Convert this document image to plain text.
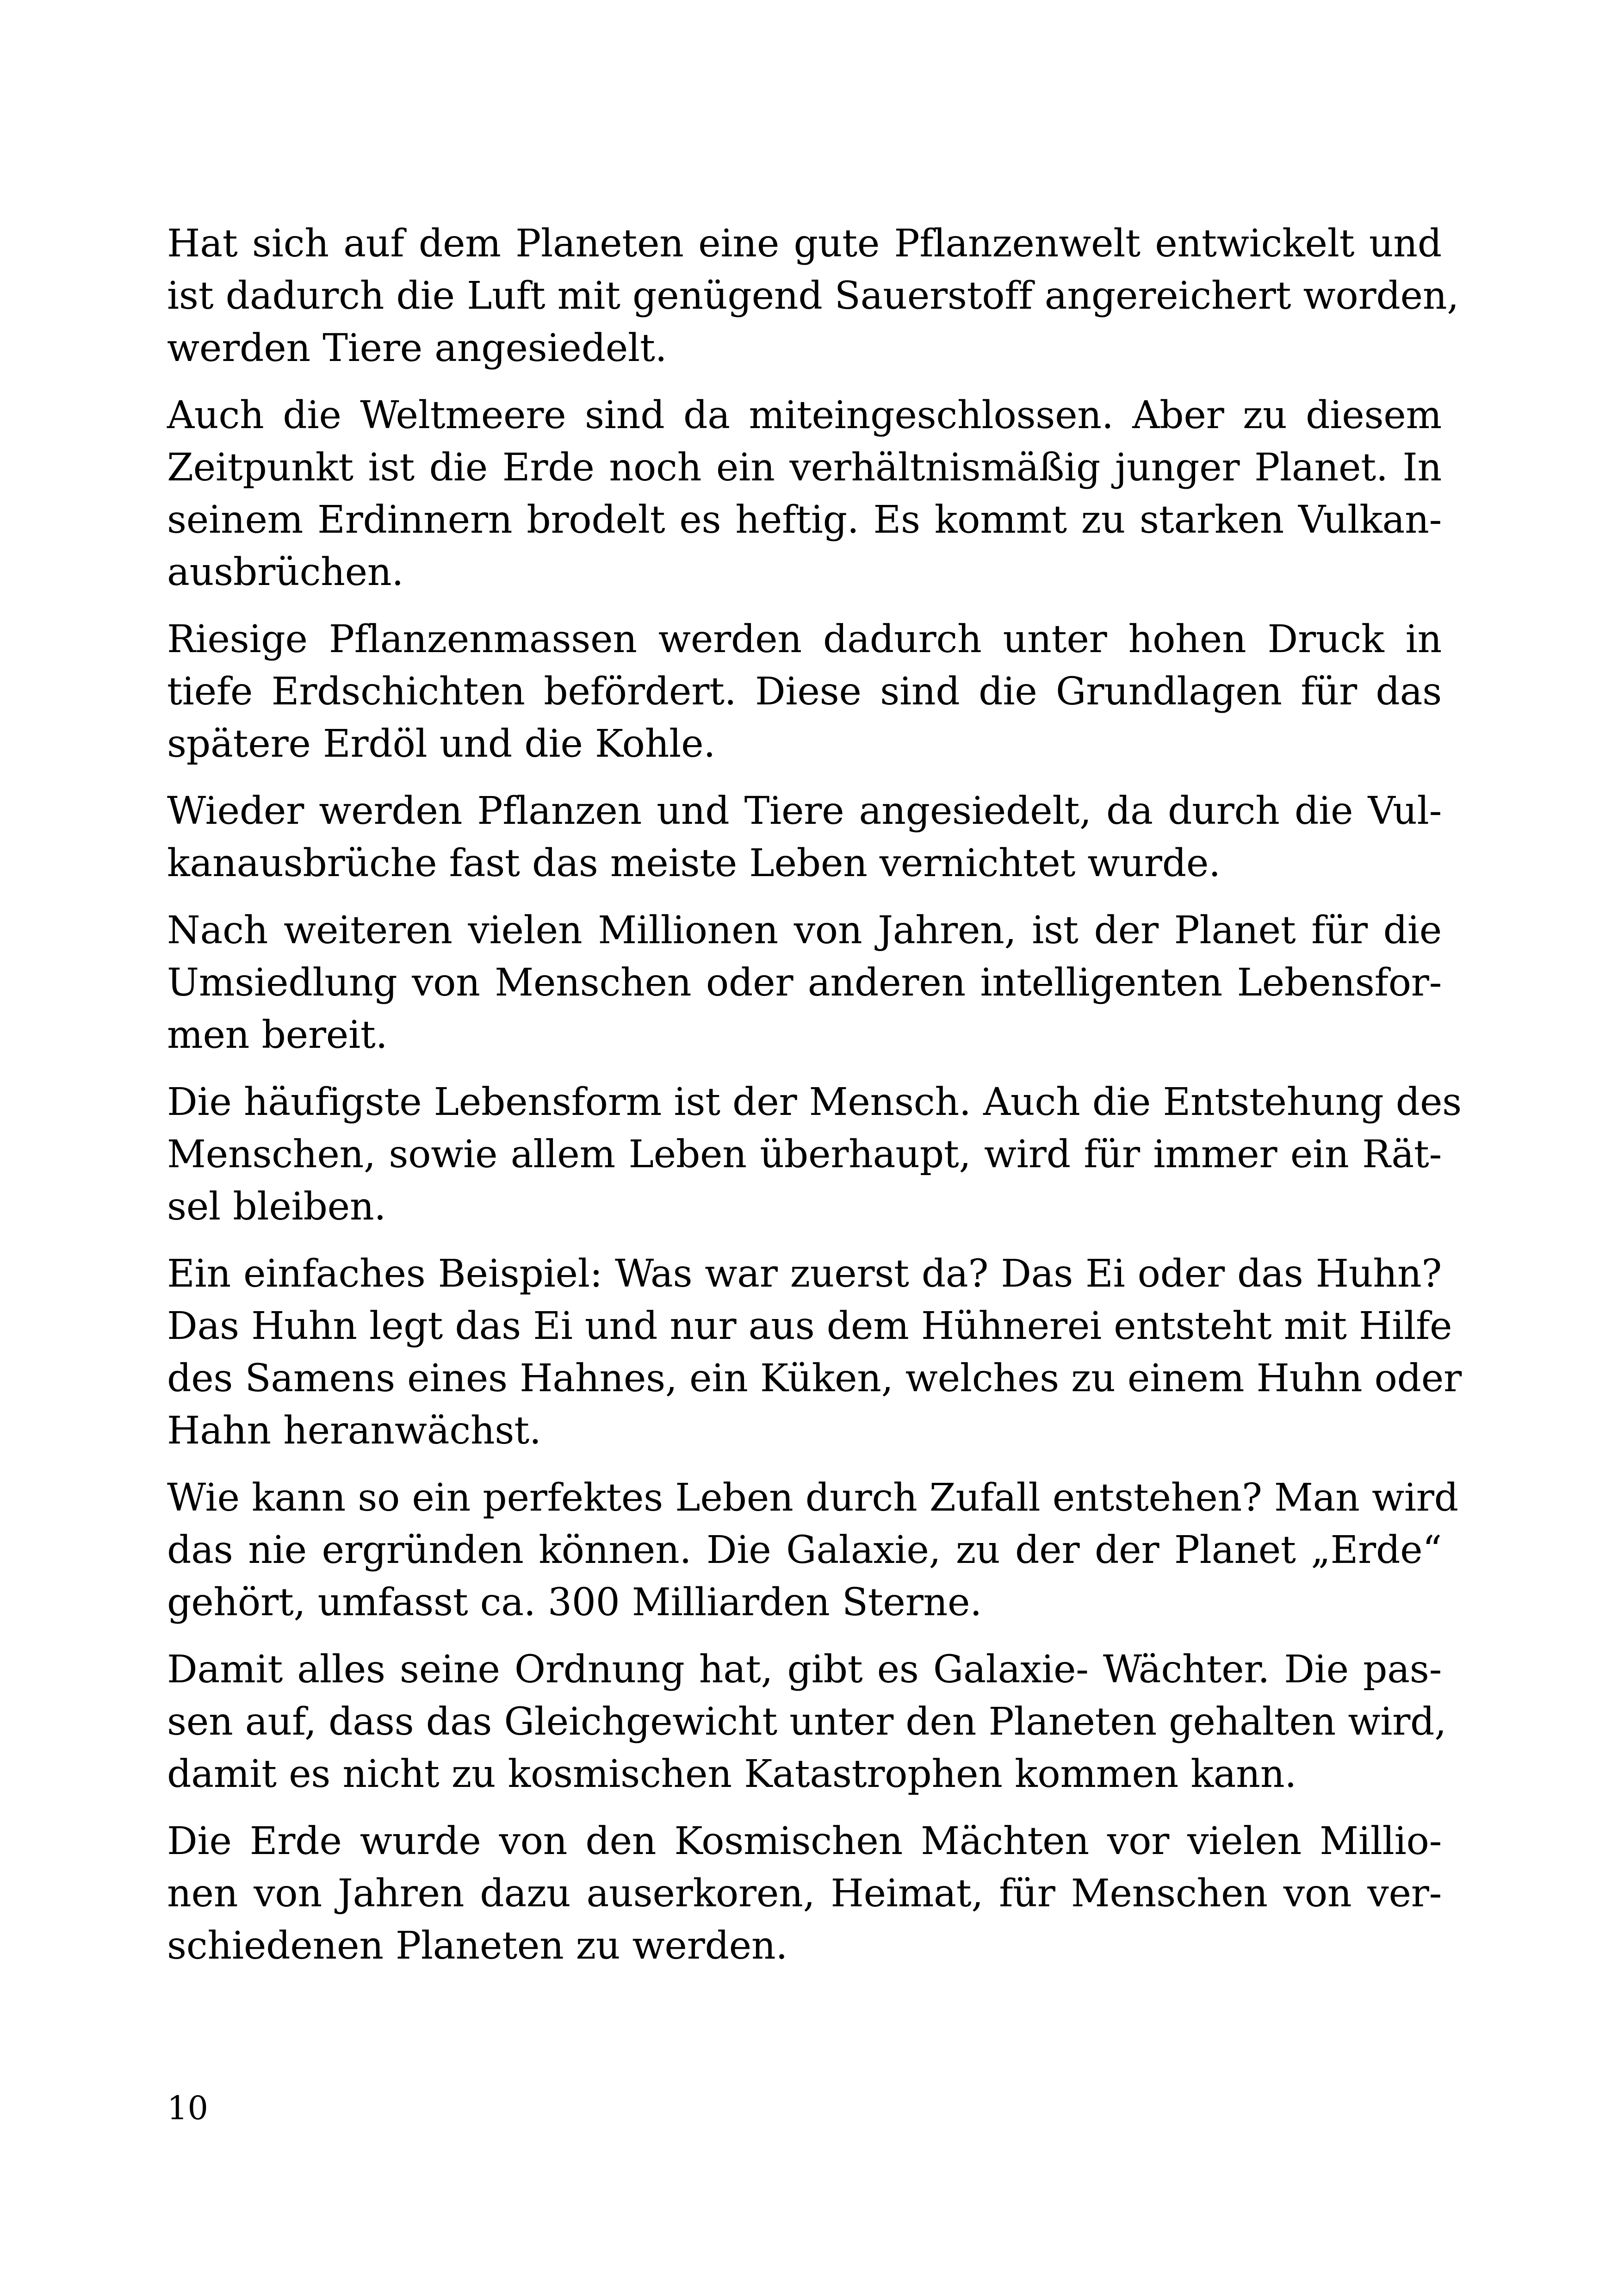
Hat sich auf dem Planeten eine gute Pflanzenwelt entwickelt und
ist dadurch die Luft mit genügend Sauerstoff angereichert worden,
werden Tiere angesiedelt.

Auch die Weltmeere sind da miteingeschlossen. Aber zu diesem
Zeitpunkt ist die Erde noch ein verhältnismäßig junger Planet. In
seinem Erdinnern brodelt es heftig. Es kommt zu starken Vulkan-
ausbrüchen.

Riesige Pflanzenmassen werden dadurch unter hohen Druck in
tiefe Erdschichten befördert. Diese sind die Grundlagen für das
spätere Erdöl und die Kohle.

Wieder werden Pflanzen und Tiere angesiedelt, da durch die Vul-
kanausbrüche fast das meiste Leben vernichtet wurde.

Nach weiteren vielen Millionen von Jahren, ist der Planet für die
Umsiedlung von Menschen oder anderen intelligenten Lebensfor-
men bereit.

Die häufigste Lebensform ist der Mensch. Auch die Entstehung des
Menschen, sowie allem Leben überhaupt, wird für immer ein Rät-
sel bleiben.

Ein einfaches Beispiel: Was war zuerst da? Das Ei oder das Huhn?
Das Huhn legt das Ei und nur aus dem Hühnerei entsteht mit Hilfe
des Samens eines Hahnes, ein Küken, welches zu einem Huhn oder
Hahn heranwächst.

Wie kann so ein perfektes Leben durch Zufall entstehen? Man wird
das nie ergründen können. Die Galaxie, zu der der Planet „Erde“
gehört, umfasst ca. 300 Milliarden Sterne.

Damit alles seine Ordnung hat, gibt es Galaxie- Wächter. Die pas-
sen auf, dass das Gleichgewicht unter den Planeten gehalten wird,
damit es nicht zu kosmischen Katastrophen kommen kann.

Die Erde wurde von den Kosmischen Mächten vor vielen Millio-
nen von Jahren dazu auserkoren, Heimat, für Menschen von ver-
schiedenen Planeten zu werden.

10
